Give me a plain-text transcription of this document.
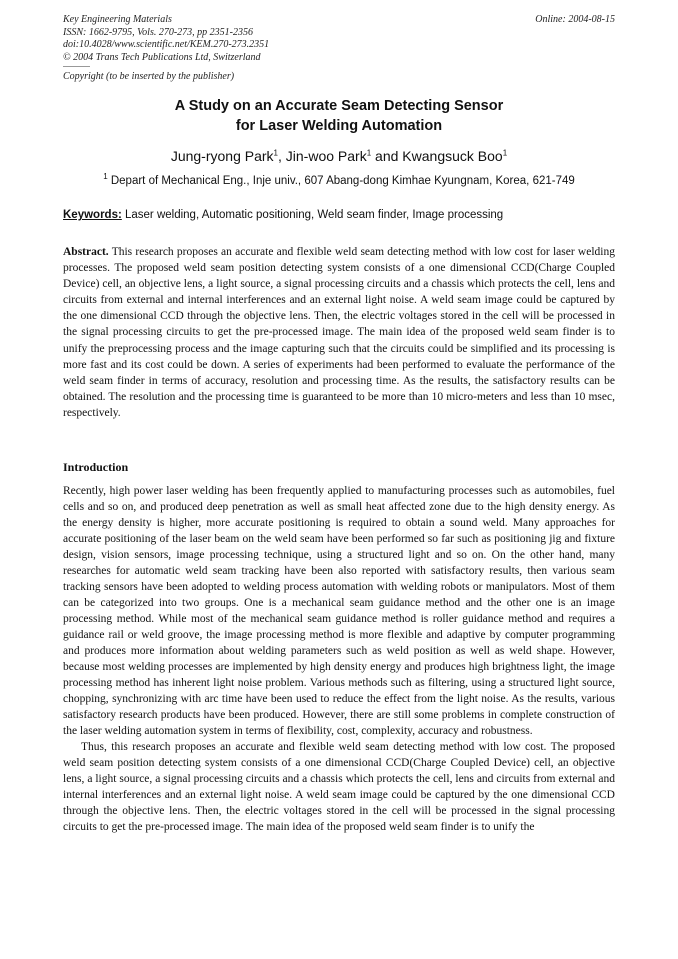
Key Engineering Materials
ISSN: 1662-9795, Vols. 270-273, pp 2351-2356
doi:10.4028/www.scientific.net/KEM.270-273.2351
© 2004 Trans Tech Publications Ltd, Switzerland
Online: 2004-08-15
Copyright (to be inserted by the publisher)
A Study on an Accurate Seam Detecting Sensor
for Laser Welding Automation
Jung-ryong Park$^1$, Jin-woo Park$^1$ and Kwangsuck Boo$^1$
$^1$ Depart of Mechanical Eng., Inje univ., 607 Abang-dong Kimhae Kyungnam, Korea, 621-749
Keywords: Laser welding, Automatic positioning, Weld seam finder, Image processing
Abstract. This research proposes an accurate and flexible weld seam detecting method with low cost for laser welding processes. The proposed weld seam position detecting system consists of a one dimensional CCD(Charge Coupled Device) cell, an objective lens, a light source, a signal processing circuits and a chassis which protects the cell, lens and circuits from external and internal interferences and an external light noise. A weld seam image could be captured by the one dimensional CCD through the objective lens. Then, the electric voltages stored in the cell will be processed in the signal processing circuits to get the pre-processed image. The main idea of the proposed weld seam finder is to unify the preprocessing process and the image capturing such that the circuits could be simplified and its processing is more fast and its cost could be down. A series of experiments had been performed to evaluate the performance of the weld seam finder in terms of accuracy, resolution and processing time. As the results, the satisfactory results can be obtained. The resolution and the processing time is guaranteed to be more than 10 micro-meters and less than 10 msec, respectively.
Introduction

Recently, high power laser welding has been frequently applied to manufacturing processes such as automobiles, fuel cells and so on, and produced deep penetration as well as small heat affected zone due to the high density energy. As the energy density is higher, more accurate positioning is required to obtain a sound weld. Many approaches for accurate positioning of the laser beam on the weld seam have been performed so far such as positioning jig and fixture design, vision sensors, image processing technique, using a structured light and so on. On the other hand, many researches for automatic weld seam tracking have been also reported with satisfactory results, then various seam tracking sensors have been adopted to welding process automation with welding robots or manipulators. Most of them can be categorized into two groups. One is a mechanical seam guidance method and the other one is an image processing method. While most of the mechanical seam guidance method is roller guidance method and requires a guidance rail or weld groove, the image processing method is more flexible and adaptive by computer programming and produces more information about welding parameters such as weld position as well as weld shape. However, because most welding processes are implemented by high density energy and produces high brightness light, the image processing method has inherent light noise problem. Various methods such as filtering, using a structured light source, chopping, synchronizing with arc time have been used to reduce the effect from the light noise. As the results, various satisfactory research products have been produced. However, there are still some problems in complete construction of the laser welding automation system in terms of flexibility, cost, complexity, accuracy and robustness.

Thus, this research proposes an accurate and flexible weld seam detecting method with low cost. The proposed weld seam position detecting system consists of a one dimensional CCD(Charge Coupled Device) cell, an objective lens, a light source, a signal processing circuits and a chassis which protects the cell, lens and circuits from external and internal interferences and an external light noise. A weld seam image could be captured by the one dimensional CCD through the objective lens. Then, the electric voltages stored in the cell will be processed in the signal processing circuits to get the pre-processed image. The main idea of the proposed weld seam finder is to unify the
